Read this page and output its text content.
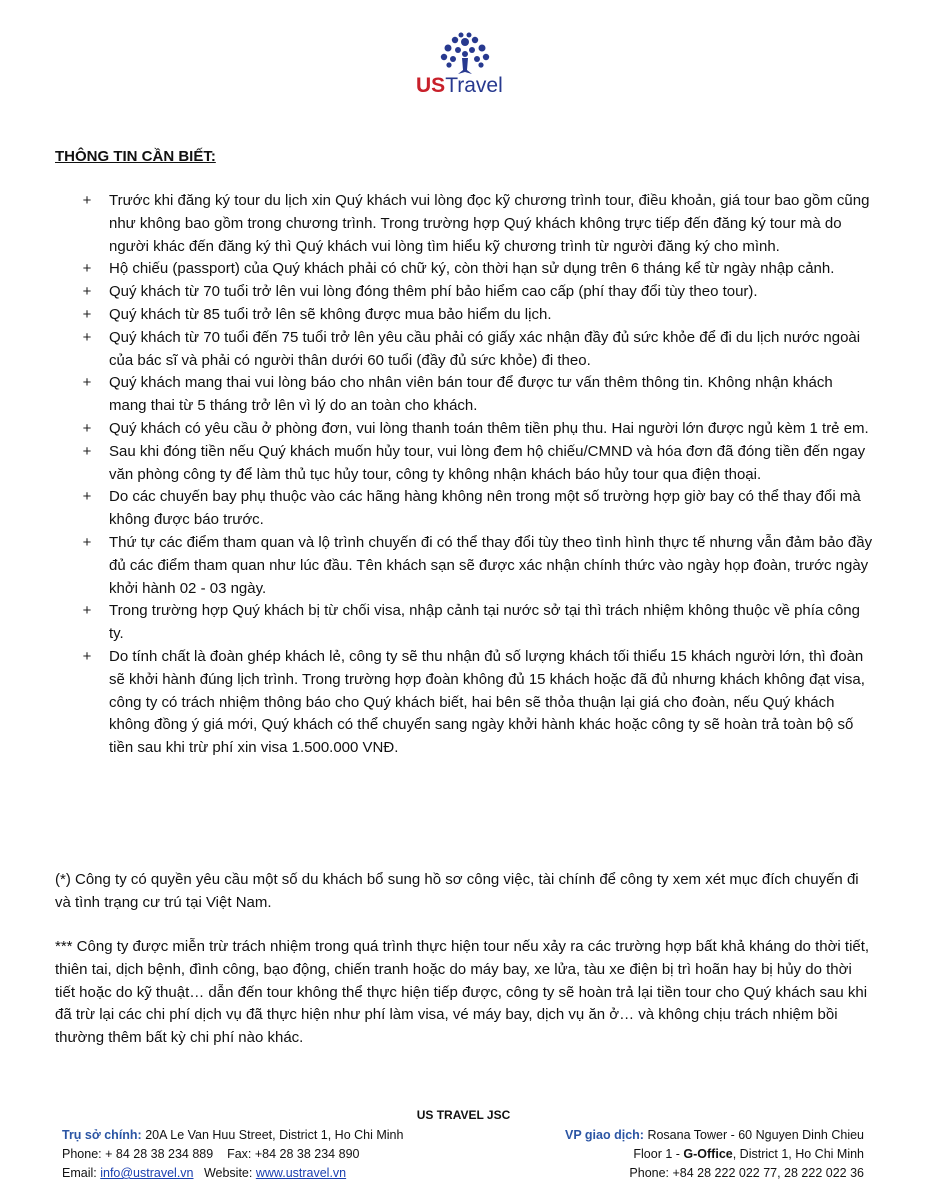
USTravel
THÔNG TIN CẦN BIẾT:
+ Trước khi đăng ký tour du lịch xin Quý khách vui lòng đọc kỹ chương trình tour, điều khoản, giá tour bao gồm cũng như không bao gồm trong chương trình. Trong trường hợp Quý khách không trực tiếp đến đăng ký tour mà do người khác đến đăng ký thì Quý khách vui lòng tìm hiểu kỹ chương trình từ người đăng ký cho mình.
+ Hộ chiếu (passport) của Quý khách phải có chữ ký, còn thời hạn sử dụng trên 6 tháng kể từ ngày nhập cảnh.
+ Quý khách từ 70 tuổi trở lên vui lòng đóng thêm phí bảo hiểm cao cấp (phí thay đổi tùy theo tour).
+ Quý khách từ 85 tuổi trở lên sẽ không được mua bảo hiểm du lịch.
+ Quý khách từ 70 tuổi đến 75 tuổi trở lên yêu cầu phải có giấy xác nhận đầy đủ sức khỏe để đi du lịch nước ngoài của bác sĩ và phải có người thân dưới 60 tuổi (đầy đủ sức khỏe) đi theo.
+ Quý khách mang thai vui lòng báo cho nhân viên bán tour để được tư vấn thêm thông tin. Không nhận khách mang thai từ 5 tháng trở lên vì lý do an toàn cho khách.
+ Quý khách có yêu cầu ở phòng đơn, vui lòng thanh toán thêm tiền phụ thu. Hai người lớn được ngủ kèm 1 trẻ em.
+ Sau khi đóng tiền nếu Quý khách muốn hủy tour, vui lòng đem hộ chiếu/CMND và hóa đơn đã đóng tiền đến ngay văn phòng công ty để làm thủ tục hủy tour, công ty không nhận khách báo hủy tour qua điện thoại.
+ Do các chuyến bay phụ thuộc vào các hãng hàng không nên trong một số trường hợp giờ bay có thể thay đổi mà không được báo trước.
+ Thứ tự các điểm tham quan và lộ trình chuyến đi có thể thay đổi tùy theo tình hình thực tế nhưng vẫn đảm bảo đầy đủ các điểm tham quan như lúc đầu. Tên khách sạn sẽ được xác nhận chính thức vào ngày họp đoàn, trước ngày khởi hành 02 - 03 ngày.
+ Trong trường hợp Quý khách bị từ chối visa, nhập cảnh tại nước sở tại thì trách nhiệm không thuộc về phía công ty.
+ Do tính chất là đoàn ghép khách lẻ, công ty sẽ thu nhận đủ số lượng khách tối thiểu 15 khách người lớn, thì đoàn sẽ khởi hành đúng lịch trình. Trong trường hợp đoàn không đủ 15 khách hoặc đã đủ nhưng khách không đạt visa, công ty có trách nhiệm thông báo cho Quý khách biết, hai bên sẽ thỏa thuận lại giá cho đoàn, nếu Quý khách không đồng ý giá mới, Quý khách có thể chuyển sang ngày khởi hành khác hoặc công ty sẽ hoàn trả toàn bộ số tiền sau khi trừ phí xin visa 1.500.000 VNĐ.

(*) Công ty có quyền yêu cầu một số du khách bổ sung hồ sơ công việc, tài chính để công ty xem xét mục đích chuyến đi và tình trạng cư trú tại Việt Nam.

*** Công ty được miễn trừ trách nhiệm trong quá trình thực hiện tour nếu xảy ra các trường hợp bất khả kháng do thời tiết, thiên tai, dịch bệnh, đình công, bạo động, chiến tranh hoặc do máy bay, xe lửa, tàu xe điện bị trì hoãn hay bị hủy do thời tiết hoặc do kỹ thuật… dẫn đến tour không thể thực hiện tiếp được, công ty sẽ hoàn trả lại tiền tour cho Quý khách sau khi đã trừ lại các chi phí dịch vụ đã thực hiện như phí làm visa, vé máy bay, dịch vụ ăn ở… và không chịu trách nhiệm bồi thường thêm bất kỳ chi phí nào khác.

US TRAVEL JSC
Trụ sở chính: 20A Le Van Huu Street, District 1, Ho Chi Minh
Phone: + 84 28 38 234 889    Fax: +84 28 38 234 890
Email: info@ustravel.vn Website: www.ustravel.vn
VP giao dịch: Rosana Tower - 60 Nguyen Dinh Chieu
Floor 1 - G-Office, District 1, Ho Chi Minh
Phone: +84 28 222 022 77, 28 222 022 36
